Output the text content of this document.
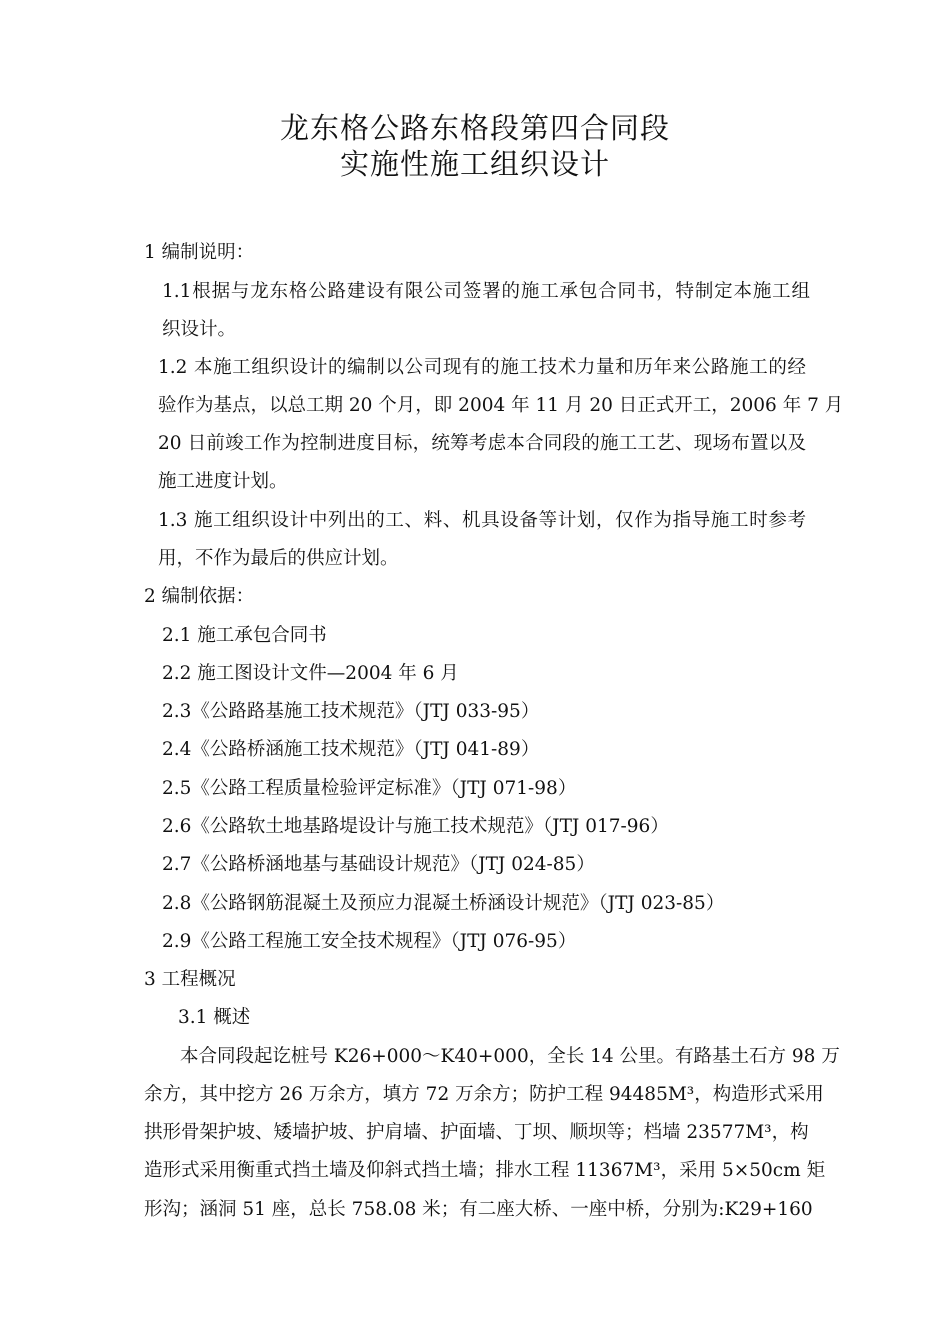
龙东格公路东格段第四合同段
实施性施工组织设计
1 编制说明：
1.1根据与龙东格公路建设有限公司签署的施工承包合同书，特制定本施工组
织设计。
1.2 本施工组织设计的编制以公司现有的施工技术力量和历年来公路施工的经
验作为基点，以总工期 20 个月，即 2004 年 11 月 20 日正式开工，2006 年 7 月
20 日前竣工作为控制进度目标，统筹考虑本合同段的施工工艺、现场布置以及
施工进度计划。
1.3 施工组织设计中列出的工、料、机具设备等计划，仅作为指导施工时参考
用，不作为最后的供应计划。
2 编制依据：
2.1 施工承包合同书
2.2 施工图设计文件—2004 年 6 月
2.3《公路路基施工技术规范》（JTJ 033-95）
2.4《公路桥涵施工技术规范》（JTJ 041-89）
2.5《公路工程质量检验评定标准》（JTJ 071-98）
2.6《公路软土地基路堤设计与施工技术规范》（JTJ 017-96）
2.7《公路桥涵地基与基础设计规范》（JTJ 024-85）
2.8《公路钢筋混凝土及预应力混凝土桥涵设计规范》（JTJ 023-85）
2.9《公路工程施工安全技术规程》（JTJ 076-95）
3 工程概况
3.1 概述
本合同段起讫桩号 K26+000～K40+000，全长 14 公里。有路基土石方 98 万
余方，其中挖方 26 万余方，填方 72 万余方；防护工程 94485M³，构造形式采用
拱形骨架护坡、矮墙护坡、护肩墙、护面墙、丁坝、顺坝等；档墙 23577M³，构
造形式采用衡重式挡土墙及仰斜式挡土墙；排水工程 11367M³，采用 5×50cm 矩
形沟；涵洞 51 座，总长 758.08 米；有二座大桥、一座中桥，分别为:K29+160
